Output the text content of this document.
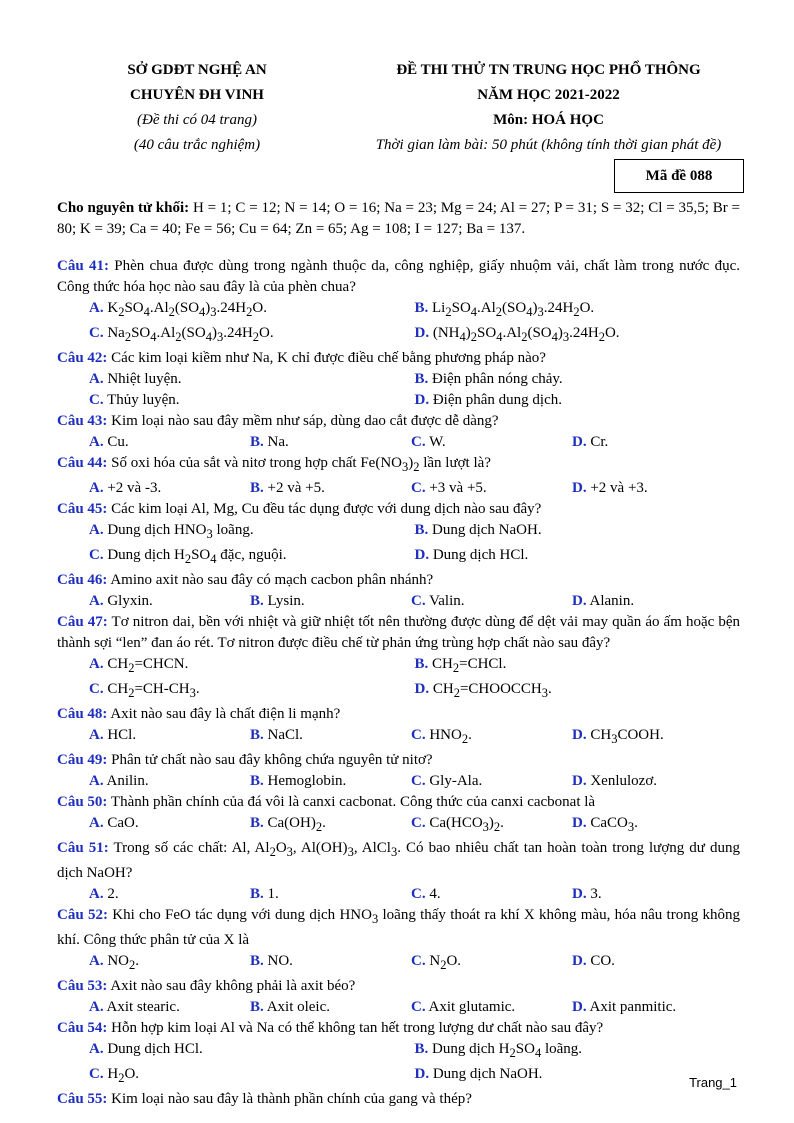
SỞ GDĐT NGHỆ AN
CHUYÊN ĐH VINH
(Đề thi có 04 trang)
(40 câu trắc nghiệm)
ĐỀ THI THỬ TN TRUNG HỌC PHỔ THÔNG
NĂM HỌC 2021-2022
Môn: HOÁ HỌC
Thời gian làm bài: 50 phút (không tính thời gian phát đề)
Mã đề 088
Cho nguyên tử khối: H = 1; C = 12; N = 14; O = 16; Na = 23; Mg = 24; Al = 27; P = 31; S = 32; Cl = 35,5; Br = 80; K = 39; Ca = 40; Fe = 56; Cu = 64; Zn = 65; Ag = 108; I = 127; Ba = 137.
Câu 41: Phèn chua được dùng trong ngành thuộc da, công nghiệp, giấy nhuộm vải, chất làm trong nước đục. Công thức hóa học nào sau đây là của phèn chua?
A. $K_2SO_4.Al_2(SO_4)_3.24H_2O$.	B. $Li_2SO_4.Al_2(SO_4)_3.24H_2O$.
C. $Na_2SO_4.Al_2(SO_4)_3.24H_2O$.	D. $(NH_4)_2SO_4.Al_2(SO_4)_3.24H_2O$.
Câu 42: Các kim loại kiềm như Na, K chỉ được điều chế bằng phương pháp nào?
A. Nhiệt luyện.	B. Điện phân nóng chảy.
C. Thủy luyện.	D. Điện phân dung dịch.
Câu 43: Kim loại nào sau đây mềm như sáp, dùng dao cắt được dễ dàng?
A. Cu.	B. Na.	C. W.	D. Cr.
Câu 44: Số oxi hóa của sắt và nitơ trong hợp chất $Fe(NO_3)_2$ lần lượt là?
A. +2 và -3.	B. +2 và +5.	C. +3 và +5.	D. +2 và +3.
Câu 45: Các kim loại Al, Mg, Cu đều tác dụng được với dung dịch nào sau đây?
A. Dung dịch $HNO_3$ loãng.	B. Dung dịch NaOH.
C. Dung dịch $H_2SO_4$ đặc, nguội.	D. Dung dịch HCl.
Câu 46: Amino axit nào sau đây có mạch cacbon phân nhánh?
A. Glyxin.	B. Lysin.	C. Valin.	D. Alanin.
Câu 47: Tơ nitron dai, bền với nhiệt và giữ nhiệt tốt nên thường được dùng để dệt vải may quần áo ấm hoặc bện thành sợi “len” đan áo rét. Tơ nitron được điều chế từ phản ứng trùng hợp chất nào sau đây?
A. $CH_2=CHCN$.	B. $CH_2=CHCl$.
C. $CH_2=CH-CH_3$.	D. $CH_2=CHOOCCH_3$.
Câu 48: Axit nào sau đây là chất điện li mạnh?
A. HCl.	B. NaCl.	C. $HNO_2$.	D. $CH_3COOH$.
Câu 49: Phân tử chất nào sau đây không chứa nguyên tử nitơ?
A. Anilin.	B. Hemoglobin.	C. Gly-Ala.	D. Xenlulozơ.
Câu 50: Thành phần chính của đá vôi là canxi cacbonat. Công thức của canxi cacbonat là
A. CaO.	B. $Ca(OH)_2$.	C. $Ca(HCO_3)_2$.	D. CaCO$_3$.
Câu 51: Trong số các chất: Al, $Al_2O_3$, $Al(OH)_3$, AlCl$_3$. Có bao nhiêu chất tan hoàn toàn trong lượng dư dung dịch NaOH?
A. 2.	B. 1.	C. 4.	D. 3.
Câu 52: Khi cho FeO tác dụng với dung dịch $HNO_3$ loãng thấy thoát ra khí X không màu, hóa nâu trong không khí. Công thức phân tử của X là
A. $NO_2$.	B. NO.	C. $N_2O$.	D. CO.
Câu 53: Axit nào sau đây không phải là axit béo?
A. Axit stearic.	B. Axit oleic.	C. Axit glutamic.	D. Axit panmitic.
Câu 54: Hỗn hợp kim loại Al và Na có thể không tan hết trong lượng dư chất nào sau đây?
A. Dung dịch HCl.	B. Dung dịch $H_2SO_4$ loãng.
C. $H_2O$.	D. Dung dịch NaOH.
Câu 55: Kim loại nào sau đây là thành phần chính của gang và thép?
Trang_1
